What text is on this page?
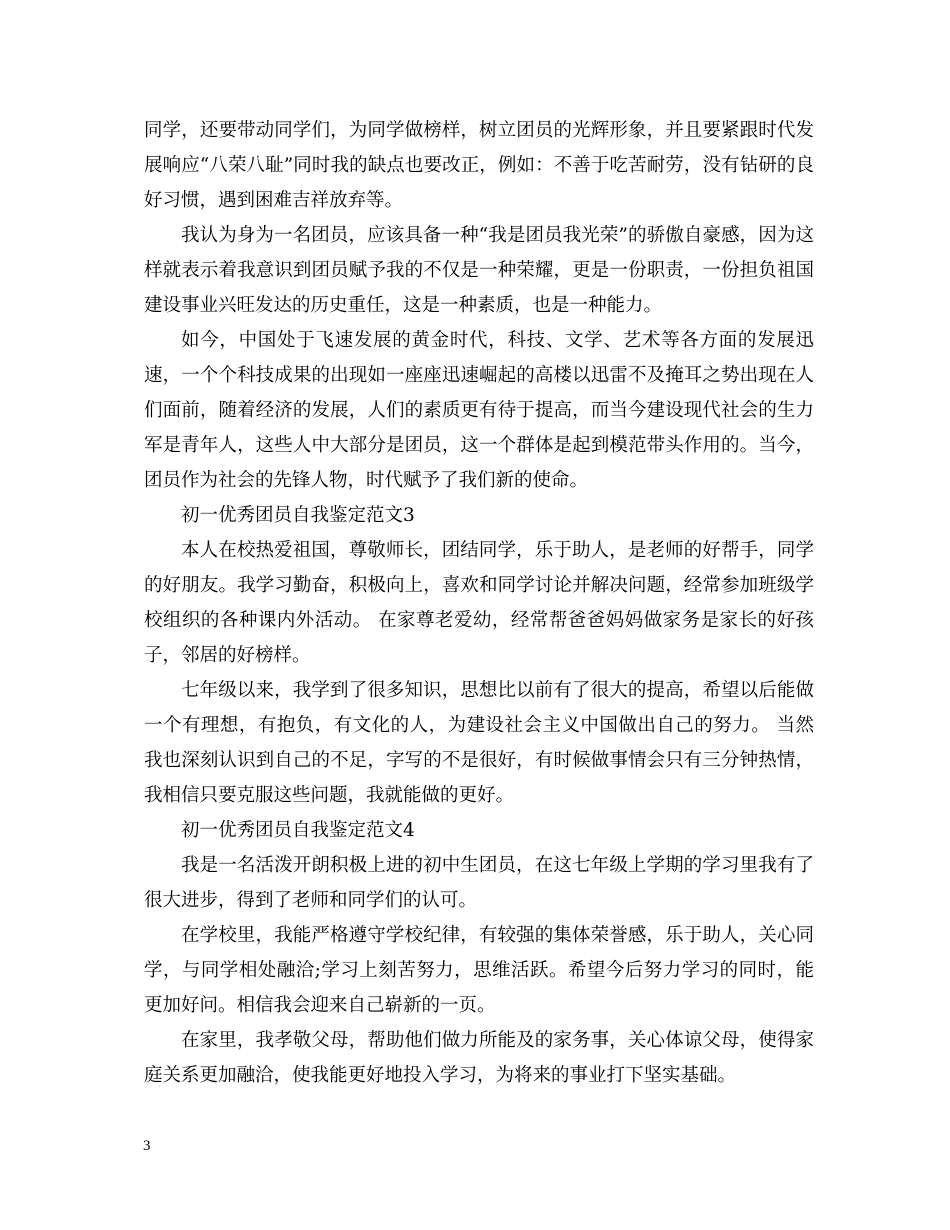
同学，还要带动同学们，为同学做榜样，树立团员的光辉形象，并且要紧跟时代发展响应“八荣八耻”同时我的缺点也要改正，例如：不善于吃苦耐劳，没有钻研的良好习惯，遇到困难吉祥放弃等。

我认为身为一名团员，应该具备一种“我是团员我光荣”的骄傲自豪感，因为这样就表示着我意识到团员赋予我的不仅是一种荣耀，更是一份职责，一份担负祖国建设事业兴旺发达的历史重任，这是一种素质，也是一种能力。

如今，中国处于飞速发展的黄金时代，科技、文学、艺术等各方面的发展迅速，一个个科技成果的出现如一座座迅速崛起的高楼以迅雷不及掩耳之势出现在人们面前，随着经济的发展，人们的素质更有待于提高，而当今建设现代社会的生力军是青年人，这些人中大部分是团员，这一个群体是起到模范带头作用的。当今，团员作为社会的先锋人物，时代赋予了我们新的使命。

初一优秀团员自我鉴定范文3

本人在校热爱祖国，尊敬师长，团结同学，乐于助人，是老师的好帮手，同学的好朋友。我学习勤奋，积极向上，喜欢和同学讨论并解决问题，经常参加班级学校组织的各种课内外活动。 在家尊老爱幼，经常帮爸爸妈妈做家务是家长的好孩子，邻居的好榜样。

七年级以来，我学到了很多知识，思想比以前有了很大的提高，希望以后能做一个有理想，有抱负，有文化的人，为建设社会主义中国做出自己的努力。 当然我也深刻认识到自己的不足，字写的不是很好，有时候做事情会只有三分钟热情，我相信只要克服这些问题，我就能做的更好。

初一优秀团员自我鉴定范文4

我是一名活泼开朗积极上进的初中生团员，在这七年级上学期的学习里我有了很大进步，得到了老师和同学们的认可。

在学校里，我能严格遵守学校纪律，有较强的集体荣誉感，乐于助人，关心同学，与同学相处融洽;学习上刻苦努力，思维活跃。希望今后努力学习的同时，能更加好问。相信我会迎来自己崭新的一页。

在家里，我孝敬父母，帮助他们做力所能及的家务事，关心体谅父母，使得家庭关系更加融洽，使我能更好地投入学习，为将来的事业打下坚实基础。

3
